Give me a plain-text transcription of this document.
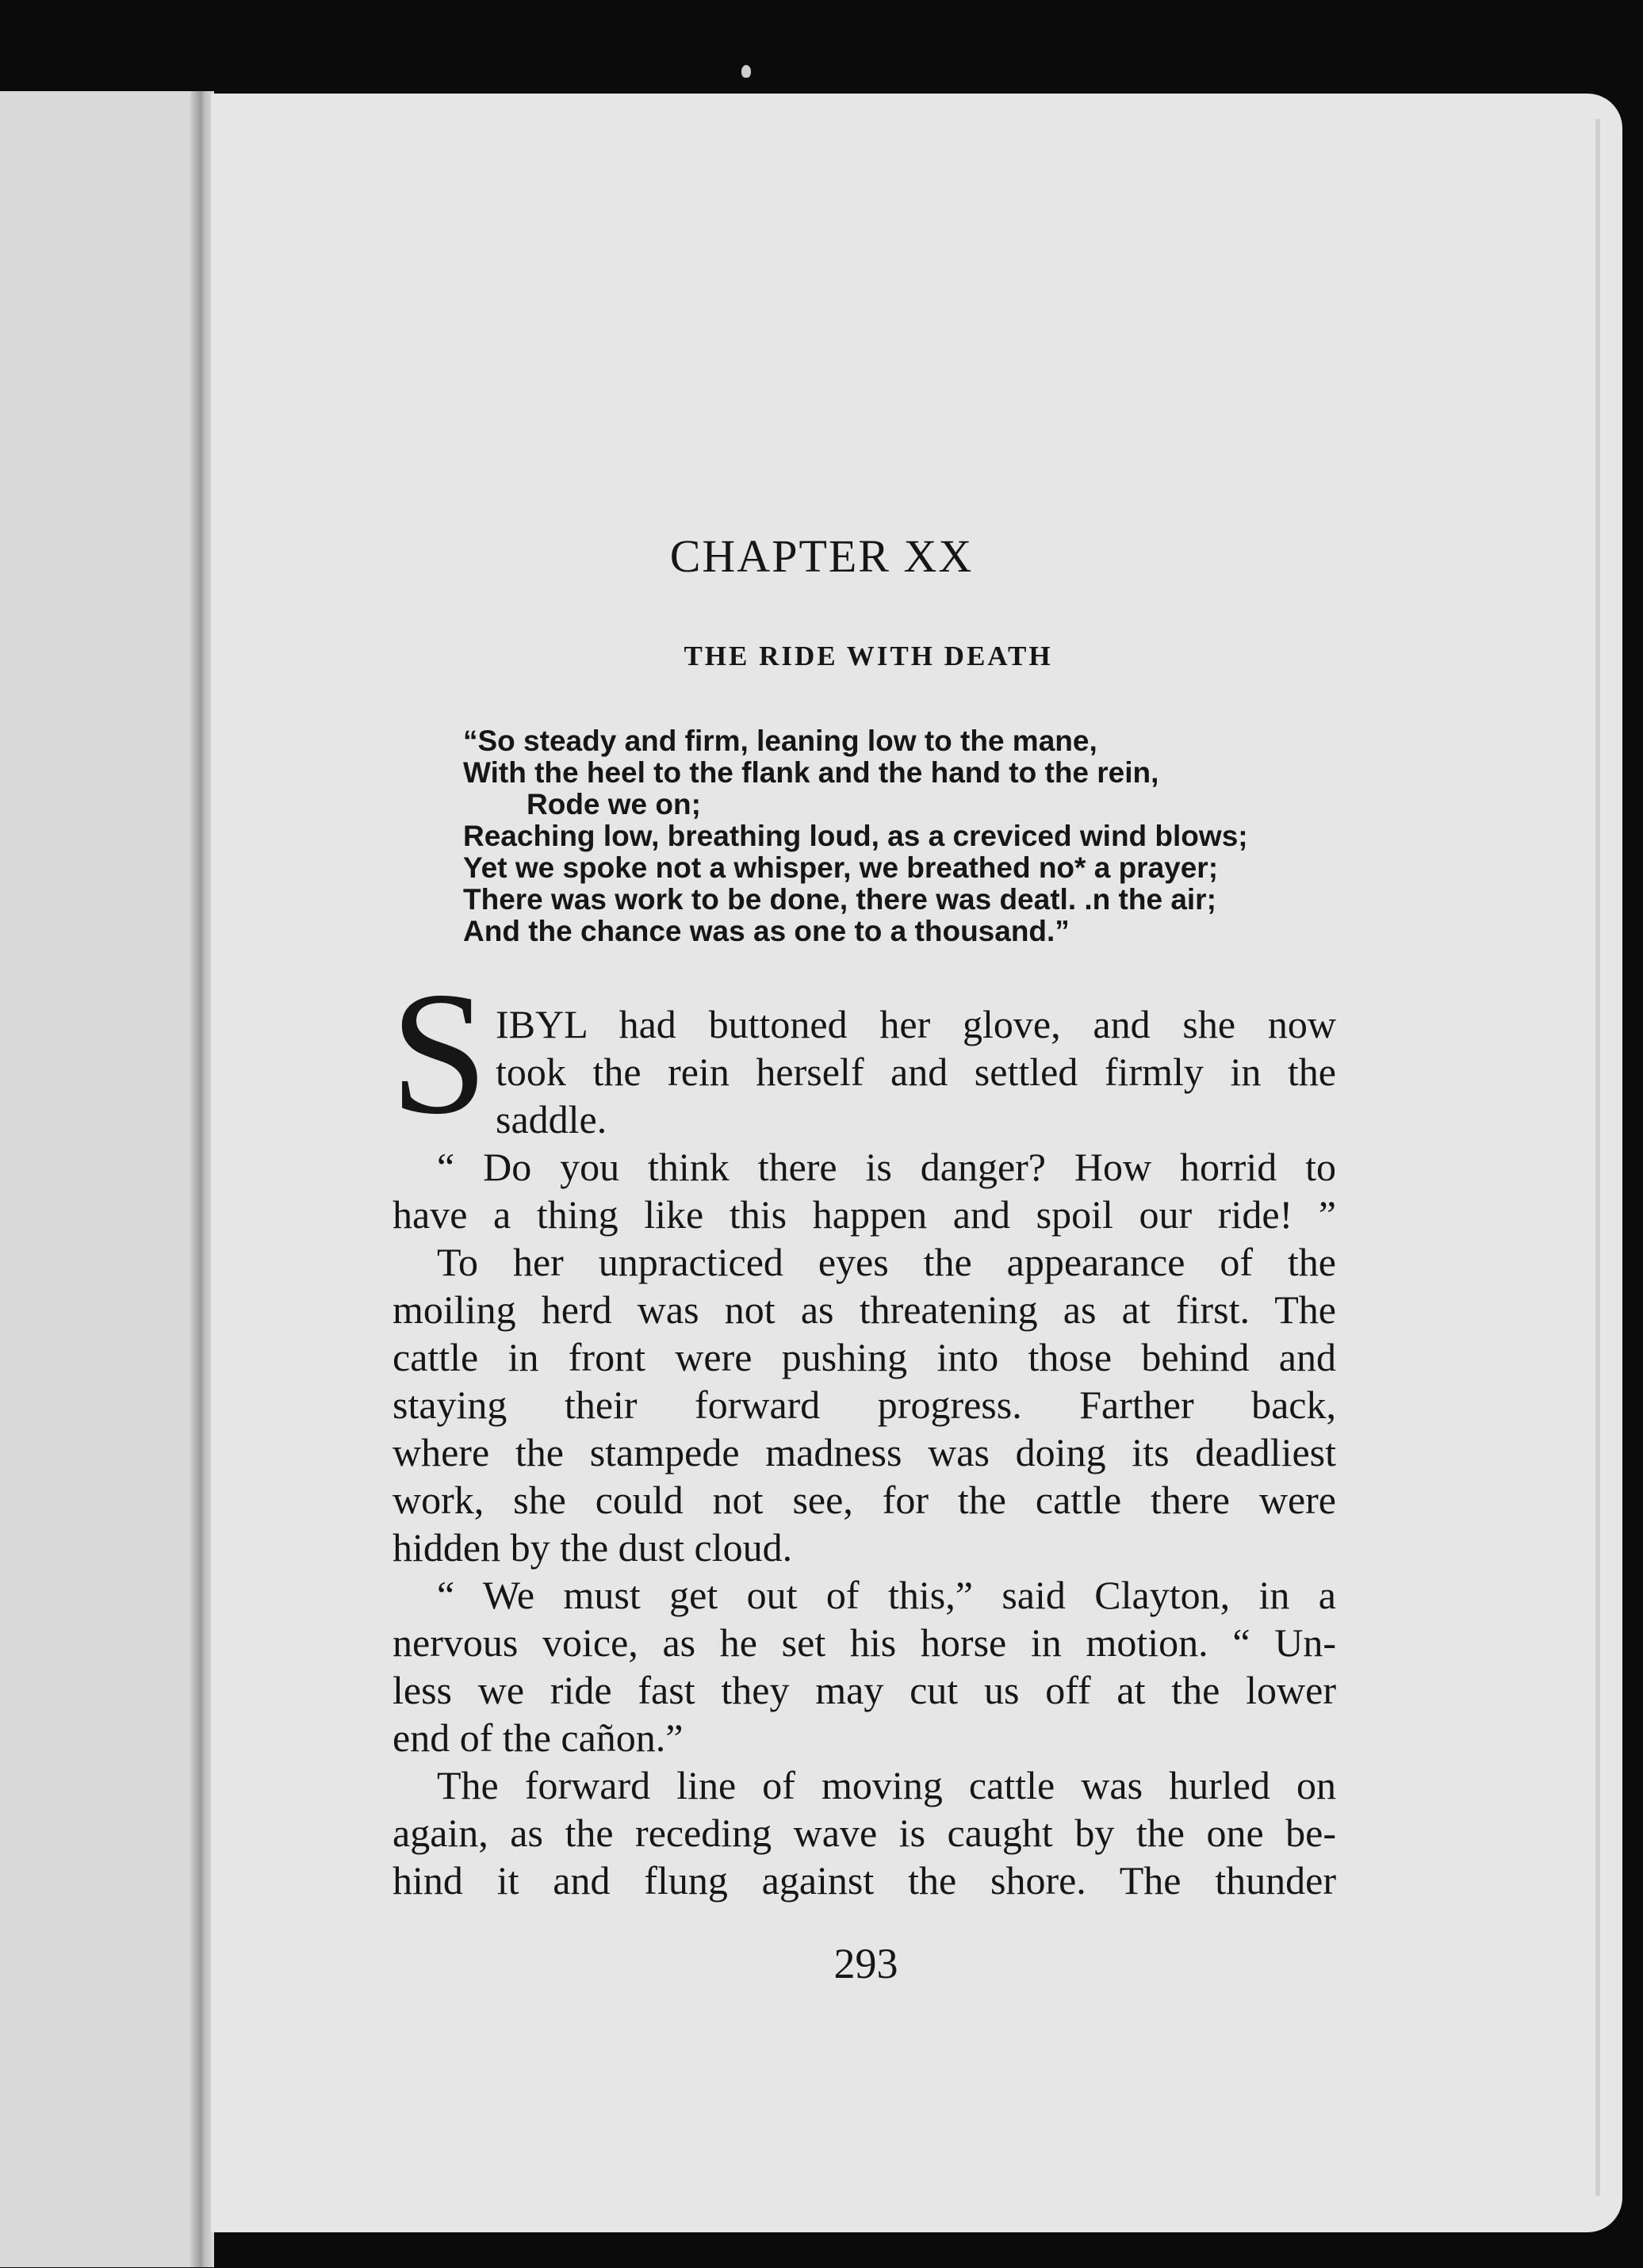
CHAPTER XX
THE RIDE WITH DEATH
“So steady and firm, leaning low to the mane,
With the heel to the flank and the hand to the rein,
Rode we on;
Reaching low, breathing loud, as a creviced wind blows;
Yet we spoke not a whisper, we breathed no* a prayer;
There was work to be done, there was deatl. .n the air;
And the chance was as one to a thousand.”
S IBYL had buttoned her glove, and she now
took the rein herself and settled firmly in the
saddle.
“ Do you think there is danger? How horrid to
have a thing like this happen and spoil our ride! ”
To her unpracticed eyes the appearance of the
moiling herd was not as threatening as at first. The
cattle in front were pushing into those behind and
staying their forward progress. Farther back,
where the stampede madness was doing its deadliest
work, she could not see, for the cattle there were
hidden by the dust cloud.
“ We must get out of this,” said Clayton, in a
nervous voice, as he set his horse in motion. “ Un-
less we ride fast they may cut us off at the lower
end of the cañon.”
The forward line of moving cattle was hurled on
again, as the receding wave is caught by the one be-
hind it and flung against the shore. The thunder
293
